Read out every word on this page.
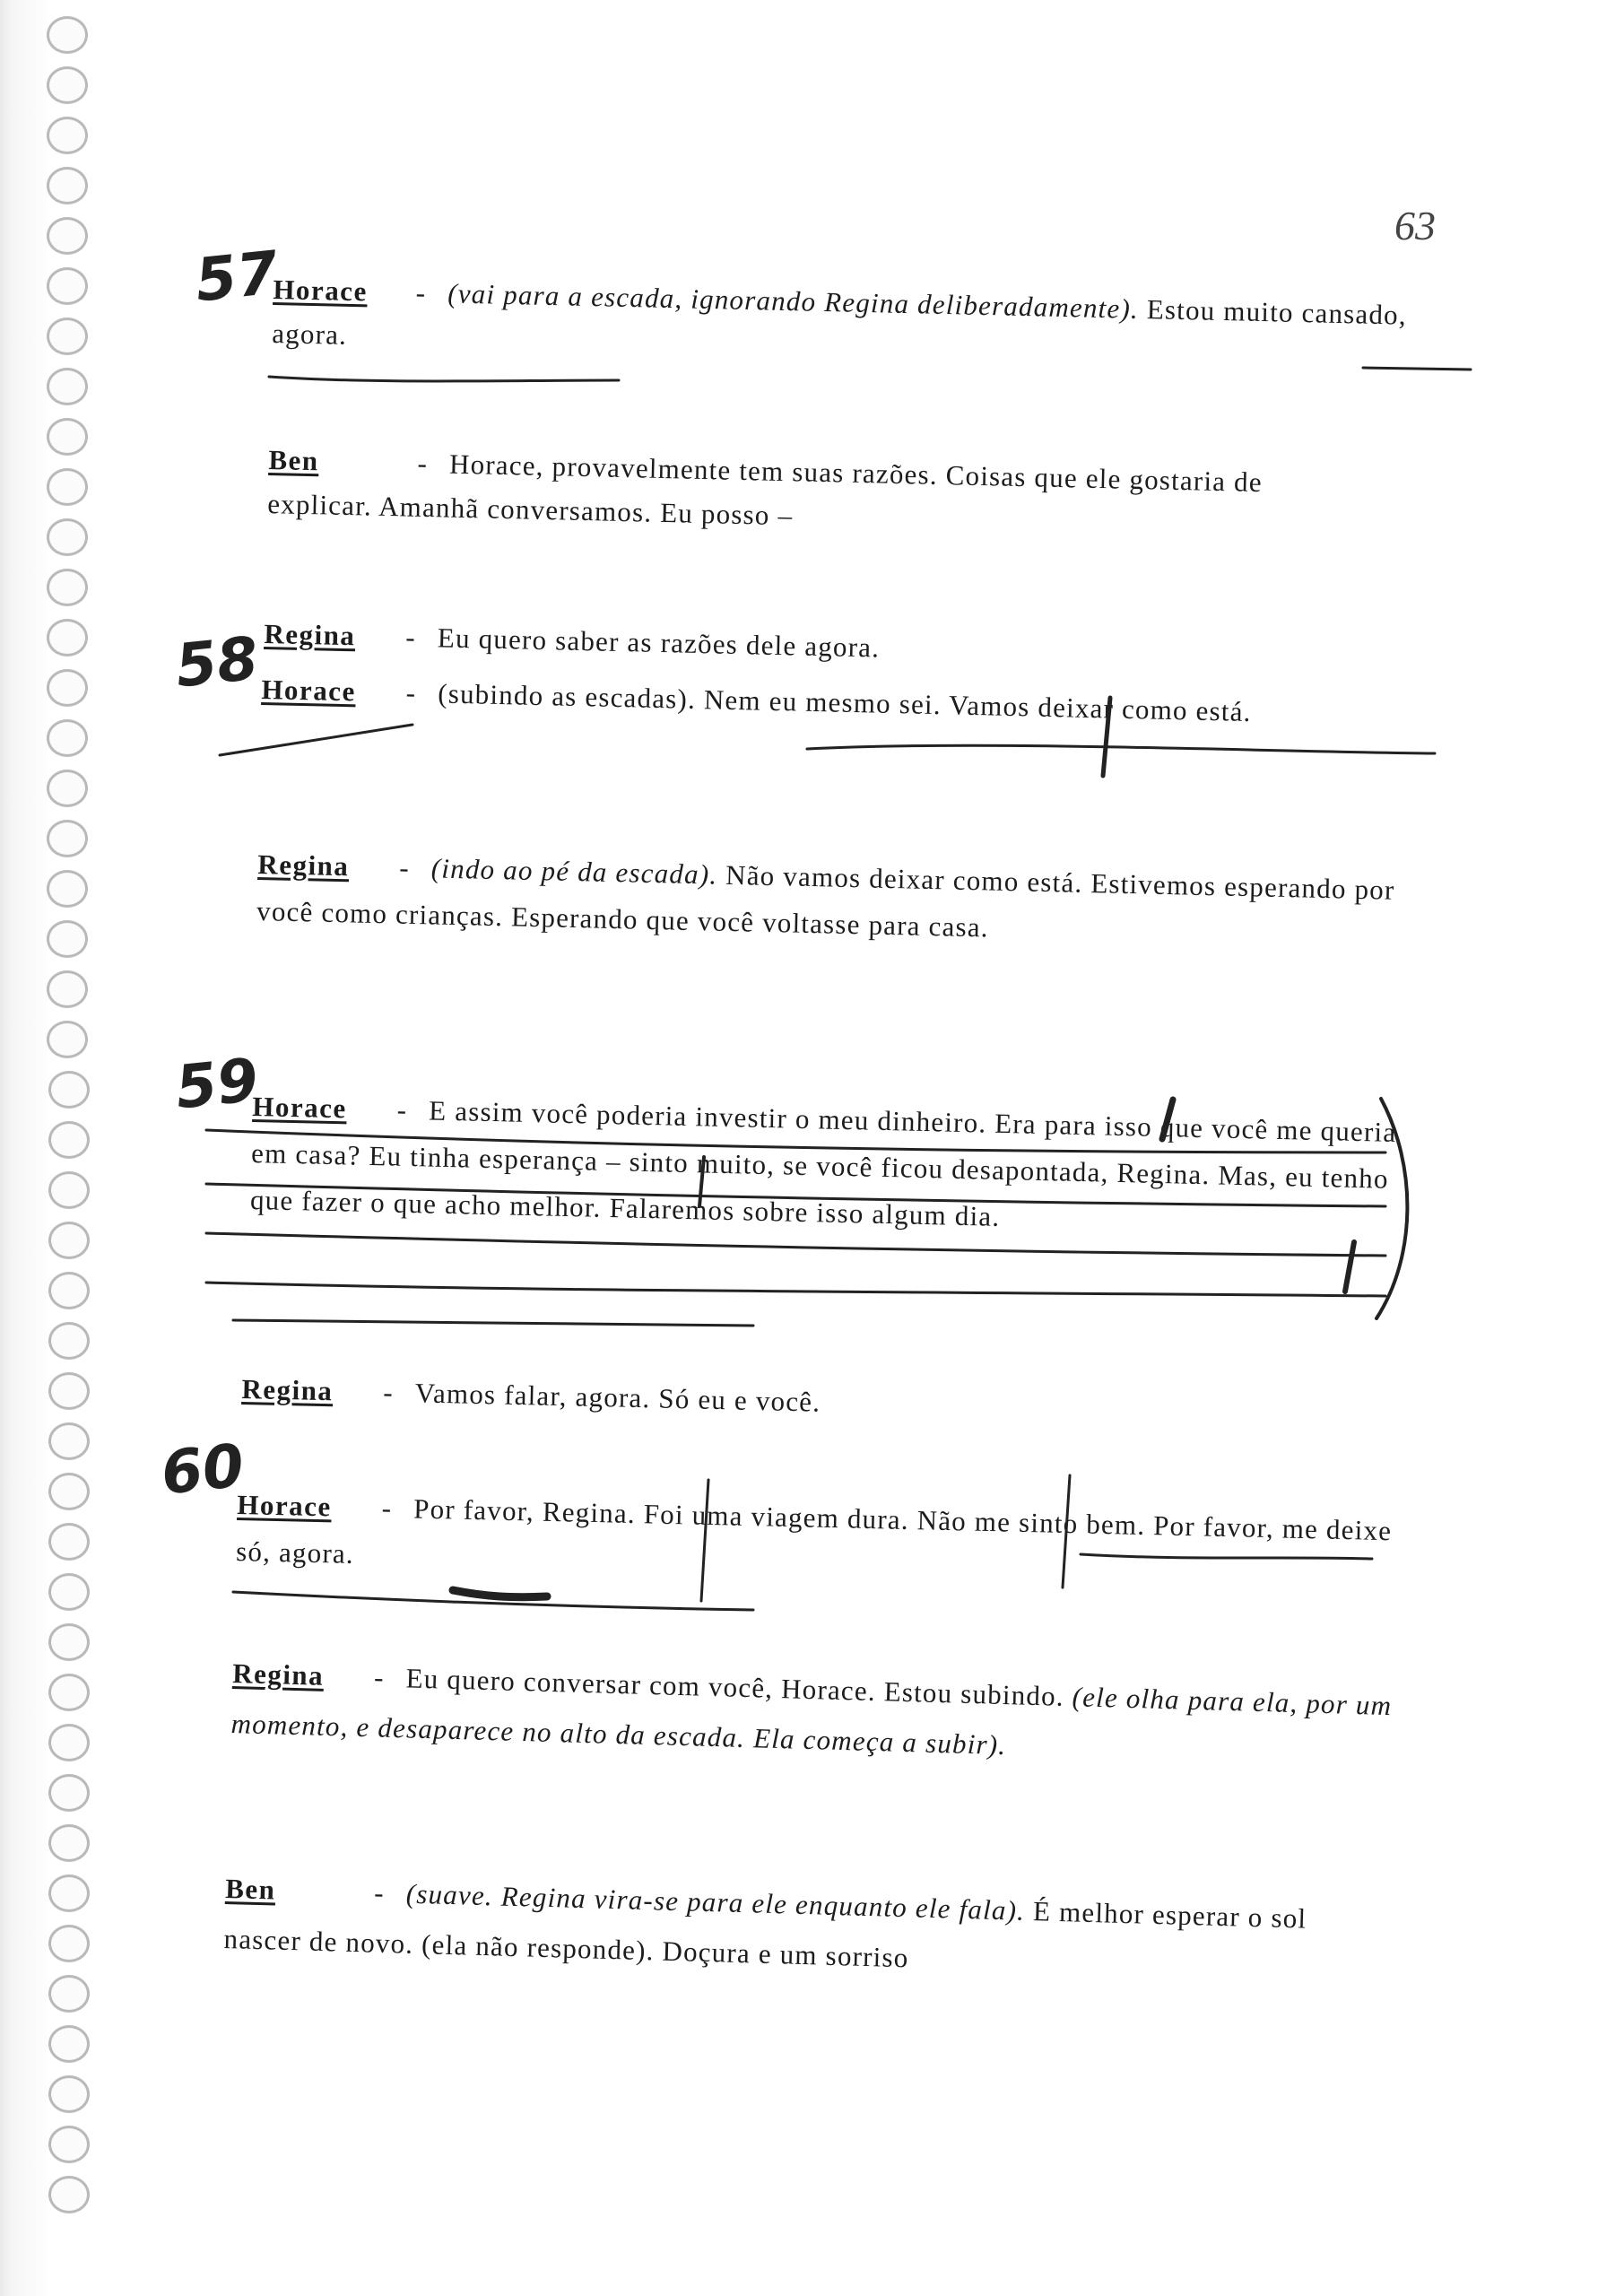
63
57
58
59
60
Horace - (vai para a escada, ignorando Regina deliberadamente). Estou muito cansado, agora.
Ben	- Horace, provavelmente tem suas razões. Coisas que ele gostaria de explicar. Amanhã conversamos. Eu posso –
Regina - Eu quero saber as razões dele agora.
Horace - (subindo as escadas). Nem eu mesmo sei. Vamos deixar como está.
Regina - (indo ao pé da escada). Não vamos deixar como está. Estivemos esperando por você como crianças. Esperando que você voltasse para casa.
Horace - E assim você poderia investir o meu dinheiro. Era para isso que você me queria em casa? Eu tinha esperança – sinto muito, se você ficou desapontada, Regina. Mas, eu tenho que fazer o que acho melhor. Falaremos sobre isso algum dia.
Regina - Vamos falar, agora. Só eu e você.
Horace - Por favor, Regina. Foi uma viagem dura. Não me sinto bem. Por favor, me deixe só, agora.
Regina - Eu quero conversar com você, Horace. Estou subindo. (ele olha para ela, por um momento, e desaparece no alto da escada. Ela começa a subir).
Ben	- (suave. Regina vira-se para ele enquanto ele fala). É melhor esperar o sol nascer de novo. (ela não responde). Doçura e um sorriso
